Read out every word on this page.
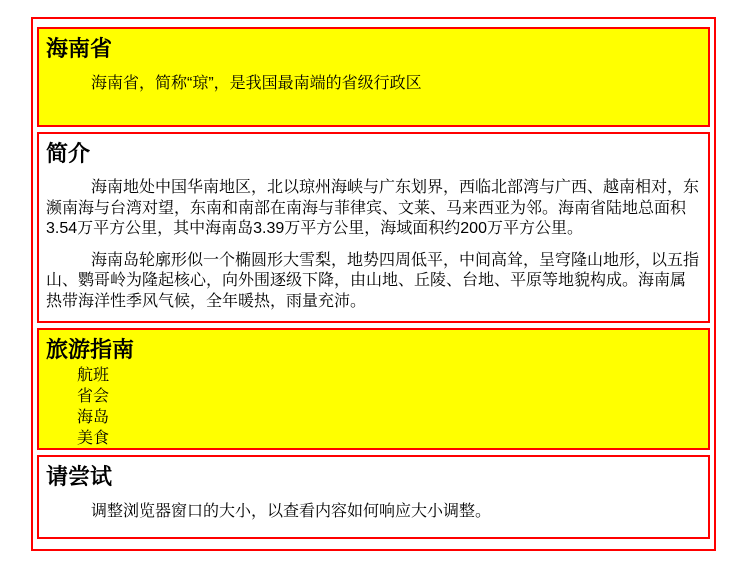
海南省

海南省，简称“琼”，是我国最南端的省级行政区

简介

海南地处中国华南地区，北以琼州海峡与广东划界，西临北部湾与广西、越南相对，东濒南海与台湾对望，东南和南部在南海与菲律宾、文莱、马来西亚为邻。海南省陆地总面积3.54万平方公里，其中海南岛3.39万平方公里，海域面积约200万平方公里。

海南岛轮廓形似一个椭圆形大雪梨，地势四周低平，中间高耸，呈穹隆山地形，以五指山、鹦哥岭为隆起核心，向外围逐级下降，由山地、丘陵、台地、平原等地貌构成。海南属热带海洋性季风气候，全年暖热，雨量充沛。

旅游指南
航班
省会
海岛
美食
请尝试

调整浏览器窗口的大小，以查看内容如何响应大小调整。
